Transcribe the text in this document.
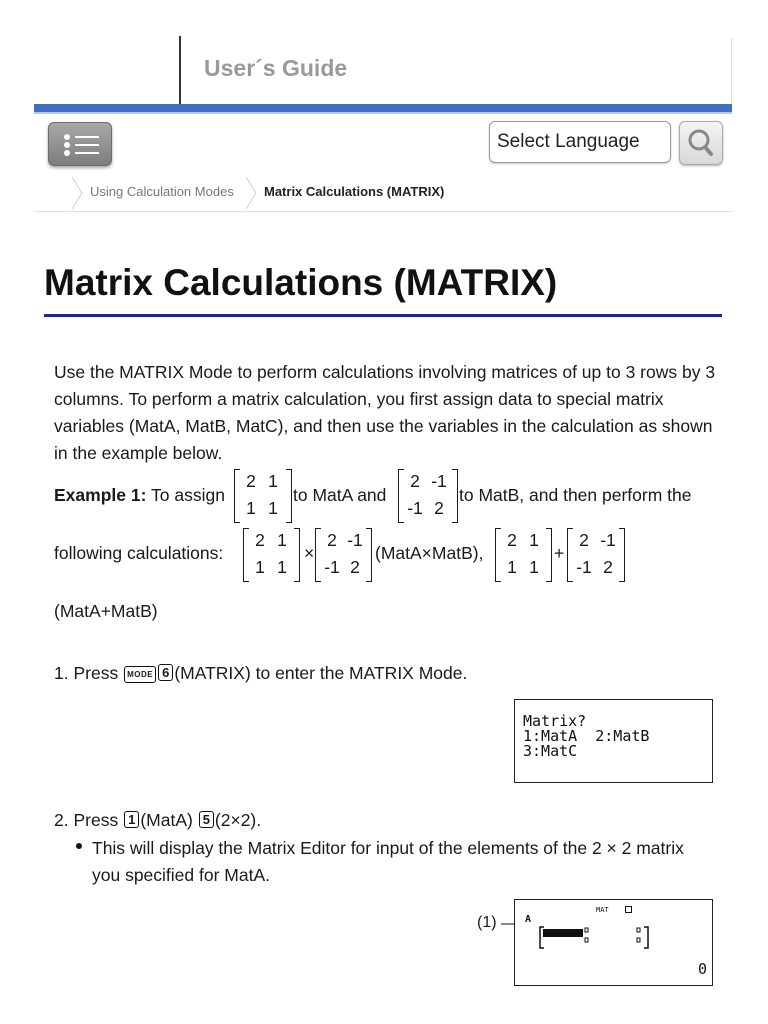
User´s Guide
Select Language
Using Calculation Modes Matrix Calculations (MATRIX)
Matrix Calculations (MATRIX)

Use the MATRIX Mode to perform calculations involving matrices of up to 3 rows by 3 columns. To perform a matrix calculation, you first assign data to special matrix variables (MatA, MatB, MatC), and then use the variables in the calculation as shown in the example below.

Example 1: To assign
2 1
1 1
to MatA and
2 -1
-1 2
to MatB, and then perform the
following calculations:
2 1
1 1
×
2 -1
-1 2
(MatA×MatB),
2 1
1 1
+
2 -1
-1 2
(MatA+MatB)
1. Press MODE 6 (MATRIX) to enter the MATRIX Mode.
Matrix?
1:MatA  2:MatB
3:MatC
2. Press 1 (MatA) 5 (2×2).

This will display the Matrix Editor for input of the elements of the 2 × 2 matrix you specified for MatA.

(1)
MAT
A
0
